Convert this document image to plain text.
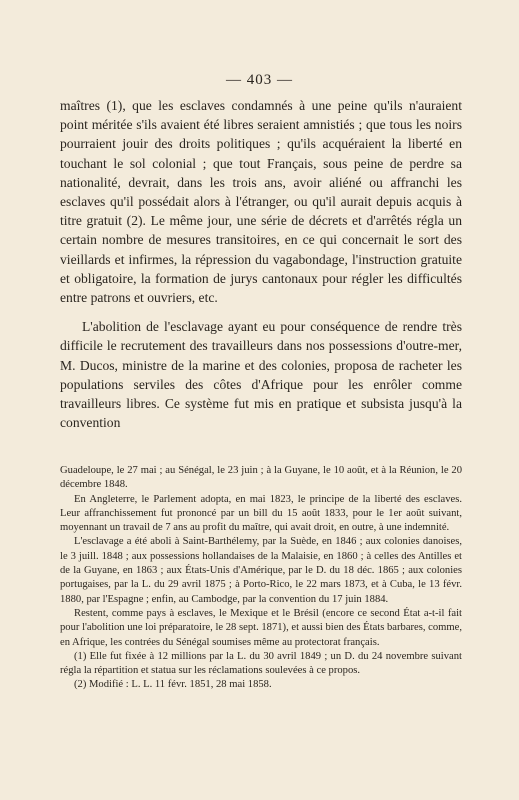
— 403 —

maîtres (1), que les esclaves condamnés à une peine qu'ils n'auraient point méritée s'ils avaient été libres seraient amnistiés ; que tous les noirs pourraient jouir des droits politiques ; qu'ils acquéraient la liberté en touchant le sol colonial ; que tout Français, sous peine de perdre sa nationalité, devrait, dans les trois ans, avoir aliéné ou affranchi les esclaves qu'il possédait alors à l'étranger, ou qu'il aurait depuis acquis à titre gratuit (2). Le même jour, une série de décrets et d'arrêtés régla un certain nombre de mesures transitoires, en ce qui concernait le sort des vieillards et infirmes, la répression du vagabondage, l'instruction gratuite et obligatoire, la formation de jurys cantonaux pour régler les difficultés entre patrons et ouvriers, etc.

L'abolition de l'esclavage ayant eu pour conséquence de rendre très difficile le recrutement des travailleurs dans nos possessions d'outre-mer, M. Ducos, ministre de la marine et des colonies, proposa de racheter les populations serviles des côtes d'Afrique pour les enrôler comme travailleurs libres. Ce système fut mis en pratique et subsista jusqu'à la convention

Guadeloupe, le 27 mai ; au Sénégal, le 23 juin ; à la Guyane, le 10 août, et à la Réunion, le 20 décembre 1848.

En Angleterre, le Parlement adopta, en mai 1823, le principe de la liberté des esclaves. Leur affranchissement fut prononcé par un bill du 15 août 1833, pour le 1er août suivant, moyennant un travail de 7 ans au profit du maître, qui avait droit, en outre, à une indemnité.

L'esclavage a été aboli à Saint-Barthélemy, par la Suède, en 1846 ; aux colonies danoises, le 3 juill. 1848 ; aux possessions hollandaises de la Malaisie, en 1860 ; à celles des Antilles et de la Guyane, en 1863 ; aux États-Unis d'Amérique, par le D. du 18 déc. 1865 ; aux colonies portugaises, par la L. du 29 avril 1875 ; à Porto-Rico, le 22 mars 1873, et à Cuba, le 13 févr. 1880, par l'Espagne ; enfin, au Cambodge, par la convention du 17 juin 1884.

Restent, comme pays à esclaves, le Mexique et le Brésil (encore ce second État a-t-il fait pour l'abolition une loi préparatoire, le 28 sept. 1871), et aussi bien des États barbares, comme, en Afrique, les contrées du Sénégal soumises même au protectorat français.

(1) Elle fut fixée à 12 millions par la L. du 30 avril 1849 ; un D. du 24 novembre suivant régla la répartition et statua sur les réclamations soulevées à ce propos.

(2) Modifié : L. L. 11 févr. 1851, 28 mai 1858.
